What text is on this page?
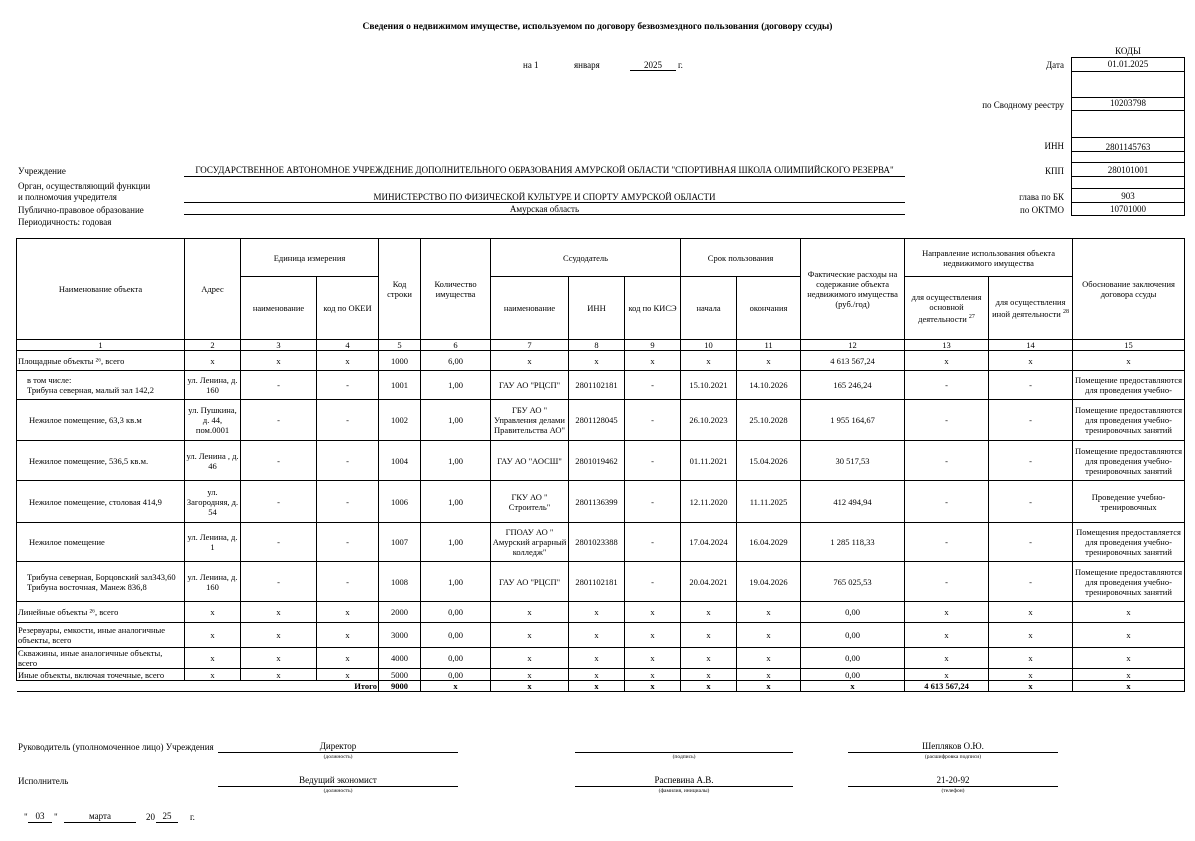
Сведения о недвижимом имуществе, используемом по договору безвозмездного пользования (договору ссуды)
на 1	января	2025	г.
КОДЫ
Дата	01.01.2025
по Сводному реестру	10203798
ИНН	2801145763
КПП	280101001
глава по БК	903
по ОКТМО	10701000
Учреждение	ГОСУДАРСТВЕННОЕ АВТОНОМНОЕ УЧРЕЖДЕНИЕ ДОПОЛНИТЕЛЬНОГО ОБРАЗОВАНИЯ АМУРСКОЙ ОБЛАСТИ "СПОРТИВНАЯ ШКОЛА ОЛИМПИЙСКОГО РЕЗЕРВА"
Орган, осуществляющий функции
и полномочия учредителя	МИНИСТЕРСТВО ПО ФИЗИЧЕСКОЙ КУЛЬТУРЕ И СПОРТУ АМУРСКОЙ ОБЛАСТИ
Публично-правовое образование	Амурская область
Периодичность: годовая
Наименование объекта	Адрес	Единица измерения		Код строки	Количество имущества	Ссудодатель			Срок пользования		Фактические расходы на содержание объекта недвижимого имущества (руб./год)	Направление использования объекта недвижимого имущества		Обоснование заключения договора ссуды	
		наименование	код по ОКЕИ			наименование	ИНН	код по КИСЭ	начала	окончания		для осуществления основной деятельности $^{27}$	для осуществления иной деятельности $^{28}$
1	2	3	4	5	6	7	8	9	10	11	12	13	14	15	
Площадные объекты ²⁶, всего	x	x	x	1000	6,00	x	x	x	x	x	4 613 567,24	x	x	x	

в том числе:
Трибуна северная, малый зал 142,2	ул. Ленина, д. 160	-	-	1001	1,00	ГАУ АО "РЦСП"	2801102181	-	15.10.2021	14.10.2026	165 246,24	-	-	Помещение предоставляются для проведения учебно-	

Нежилое помещение, 63,3 кв.м	ул. Пушкина, д. 44, пом.0001	-	-	1002	1,00	ГБУ АО " Управления делами Правительства АО"	2801128045	-	26.10.2023	25.10.2028	1 955 164,67	-	-	Помещение предоставляются для проведения учебно-тренировочных занятий	

Нежилое помещение, 536,5 кв.м.	ул. Ленина , д. 46	-	-	1004	1,00	ГАУ АО "АОСШ"	2801019462	-	01.11.2021	15.04.2026	30 517,53	-	-	Помещение предоставляются для проведения учебно-тренировочных занятий	

Нежилое помещение, столовая 414,9	ул. Загородняя, д. 54	-	-	1006	1,00	ГКУ АО " Строитель"	2801136399	-	12.11.2020	11.11.2025	412 494,94	-	-	Проведение учебно-тренировочных	

Нежилое помещение	ул. Ленина, д. 1	-	-	1007	1,00	ГПОАУ АО " Амурский аграрный колледж"	2801023388	-	17.04.2024	16.04.2029	1 285 118,33	-	-	Помещения предоставляется для проведения учебно-тренировочных занятий	

Трибуна северная, Борцовский зал343,60
Трибуна восточная, Манеж 836,8	ул. Ленина, д. 160	-	-	1008	1,00	ГАУ АО "РЦСП"	2801102181	-	20.04.2021	19.04.2026	765 025,53	-	-	Помещение предоставляются для проведения учебно-тренировочных занятий	

Линейные объекты ²⁶, всего	x	x	x	2000	0,00	x	x	x	x	x	0,00	x	x	x	

Резервуары, емкости, иные аналогичные объекты, всего	x	x	x	3000	0,00	x	x	x	x	x	0,00	x	x	x	

Скважины, иные аналогичные объекты, всего	x	x	x	4000	0,00	x	x	x	x	x	0,00	x	x	x	

Иные объекты, включая точечные, всего	x	x	x	5000	0,00	x	x	x	x	x	0,00	x	x	x	

Итого				9000	x	x	x	x	x	x	x	4 613 567,24	x	x	
Руководитель (уполномоченное лицо) Учреждения	Директор
(должность)	(подпись)
Шепляков О.Ю.
(расшифровка подписи)
Исполнитель	Ведущий экономист
(должность)
Распевина А.В.
(фамилия, инициалы)
21-20-92
(телефон)
" 03	"	марта	20 25	г.
